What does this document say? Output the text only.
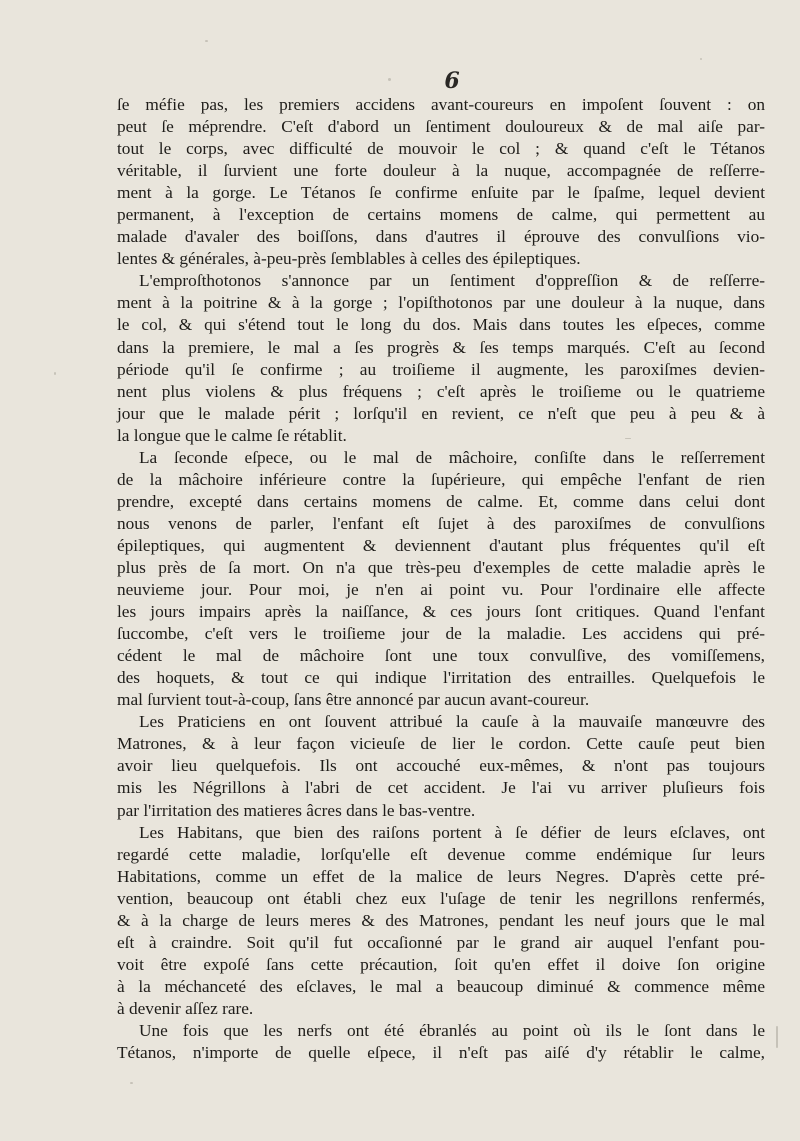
6

ſe méfie pas, les premiers accidens avant-coureurs en impoſent ſouvent : on
peut ſe méprendre. C'eſt d'abord un ſentiment douloureux & de mal aiſe par-
tout le corps, avec difficulté de mouvoir le col ; & quand c'eſt le Tétanos
véritable, il ſurvient une forte douleur à la nuque, accompagnée de reſſerre-
ment à la gorge. Le Tétanos ſe confirme enſuite par le ſpaſme, lequel devient
permanent, à l'exception de certains momens de calme, qui permettent au
malade d'avaler des boiſſons, dans d'autres il éprouve des convulſions vio-
lentes & générales, à-peu-près ſemblables à celles des épileptiques.

L'emproſthotonos s'annonce par un ſentiment d'oppreſſion & de reſſerre-
ment à la poitrine & à la gorge ; l'opiſthotonos par une douleur à la nuque, dans
le col, & qui s'étend tout le long du dos. Mais dans toutes les eſpeces, comme
dans la premiere, le mal a ſes progrès & ſes temps marqués. C'eſt au ſecond
période qu'il ſe confirme ; au troiſieme il augmente, les paroxiſmes devien-
nent plus violens & plus fréquens ; c'eſt après le troiſieme ou le quatrieme
jour que le malade périt ; lorſqu'il en revient, ce n'eſt que peu à peu & à
la longue que le calme ſe rétablit.

La ſeconde eſpece, ou le mal de mâchoire, conſiſte dans le reſſerrement
de la mâchoire inférieure contre la ſupérieure, qui empêche l'enfant de rien
prendre, excepté dans certains momens de calme. Et, comme dans celui dont
nous venons de parler, l'enfant eſt ſujet à des paroxiſmes de convulſions
épileptiques, qui augmentent & deviennent d'autant plus fréquentes qu'il eſt
plus près de ſa mort. On n'a que très-peu d'exemples de cette maladie après le
neuvieme jour. Pour moi, je n'en ai point vu. Pour l'ordinaire elle affecte
les jours impairs après la naiſſance, & ces jours ſont critiques. Quand l'enfant
ſuccombe, c'eſt vers le troiſieme jour de la maladie. Les accidens qui pré-
cédent le mal de mâchoire ſont une toux convulſive, des vomiſſemens,
des hoquets, & tout ce qui indique l'irritation des entrailles. Quelquefois le
mal ſurvient tout-à-coup, ſans être annoncé par aucun avant-coureur.

Les Praticiens en ont ſouvent attribué la cauſe à la mauvaiſe manœuvre des
Matrones, & à leur façon vicieuſe de lier le cordon. Cette cauſe peut bien
avoir lieu quelquefois. Ils ont accouché eux-mêmes, & n'ont pas toujours
mis les Négrillons à l'abri de cet accident. Je l'ai vu arriver pluſieurs fois
par l'irritation des matieres âcres dans le bas-ventre.

Les Habitans, que bien des raiſons portent à ſe défier de leurs eſclaves, ont
regardé cette maladie, lorſqu'elle eſt devenue comme endémique ſur leurs
Habitations, comme un effet de la malice de leurs Negres. D'après cette pré-
vention, beaucoup ont établi chez eux l'uſage de tenir les negrillons renfermés,
& à la charge de leurs meres & des Matrones, pendant les neuf jours que le mal
eſt à craindre. Soit qu'il fut occaſionné par le grand air auquel l'enfant pou-
voit être expoſé ſans cette précaution, ſoit qu'en effet il doive ſon origine
à la méchanceté des eſclaves, le mal a beaucoup diminué & commence même
à devenir aſſez rare.

Une fois que les nerfs ont été ébranlés au point où ils le ſont dans le
Tétanos, n'importe de quelle eſpece, il n'eſt pas aiſé d'y rétablir le calme,
